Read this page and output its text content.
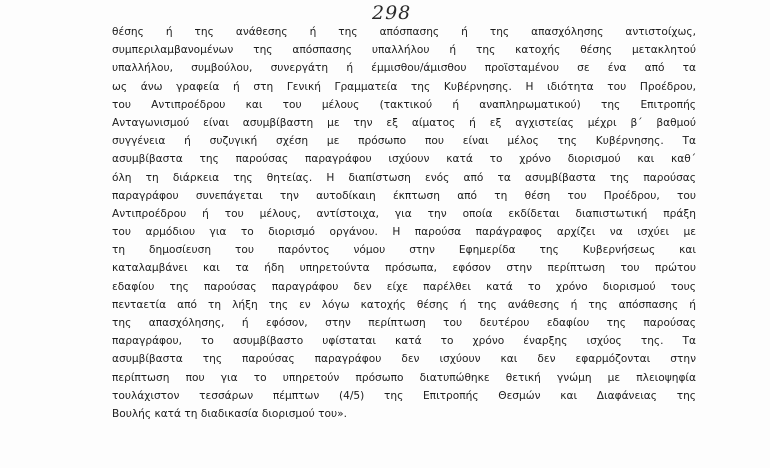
298
θέσης ή της ανάθεσης ή της απόσπασης ή της απασχόλησης αντιστοίχως,
συμπεριλαμβανομένων της απόσπασης υπαλλήλου ή της κατοχής θέσης μετακλητού
υπαλλήλου, συμβούλου, συνεργάτη ή έμμισθου/άμισθου προϊσταμένου σε ένα από τα
ως άνω γραφεία ή στη Γενική Γραμματεία της Κυβέρνησης. Η ιδιότητα του Προέδρου,
του Αντιπροέδρου και του μέλους (τακτικού ή αναπληρωματικού) της Επιτροπής
Ανταγωνισμού είναι ασυμβίβαστη με την εξ αίματος ή εξ αγχιστείας μέχρι β΄ βαθμού
συγγένεια ή συζυγική σχέση με πρόσωπο που είναι μέλος της Κυβέρνησης. Τα
ασυμβίβαστα της παρούσας παραγράφου ισχύουν κατά το χρόνο διορισμού και καθ΄
όλη τη διάρκεια της θητείας. Η διαπίστωση ενός από τα ασυμβίβαστα της παρούσας
παραγράφου συνεπάγεται την αυτοδίκαιη έκπτωση από τη θέση του Προέδρου, του
Αντιπροέδρου ή του μέλους, αντίστοιχα, για την οποία εκδίδεται διαπιστωτική πράξη
του αρμόδιου για το διορισμό οργάνου. Η παρούσα παράγραφος αρχίζει να ισχύει με
τη δημοσίευση του παρόντος νόμου στην Εφημερίδα της Κυβερνήσεως και
καταλαμβάνει και τα ήδη υπηρετούντα πρόσωπα, εφόσον στην περίπτωση του πρώτου
εδαφίου της παρούσας παραγράφου δεν είχε παρέλθει κατά το χρόνο διορισμού τους
πενταετία από τη λήξη της εν λόγω κατοχής θέσης ή της ανάθεσης ή της απόσπασης ή
της απασχόλησης, ή εφόσον, στην περίπτωση του δευτέρου εδαφίου της παρούσας
παραγράφου, το ασυμβίβαστο υφίσταται κατά το χρόνο έναρξης ισχύος της. Τα
ασυμβίβαστα της παρούσας παραγράφου δεν ισχύουν και δεν εφαρμόζονται στην
περίπτωση που για το υπηρετούν πρόσωπο διατυπώθηκε θετική γνώμη με πλειοψηφία
τουλάχιστον τεσσάρων πέμπτων (4/5) της Επιτροπής Θεσμών και Διαφάνειας της
Βουλής κατά τη διαδικασία διορισμού του».
